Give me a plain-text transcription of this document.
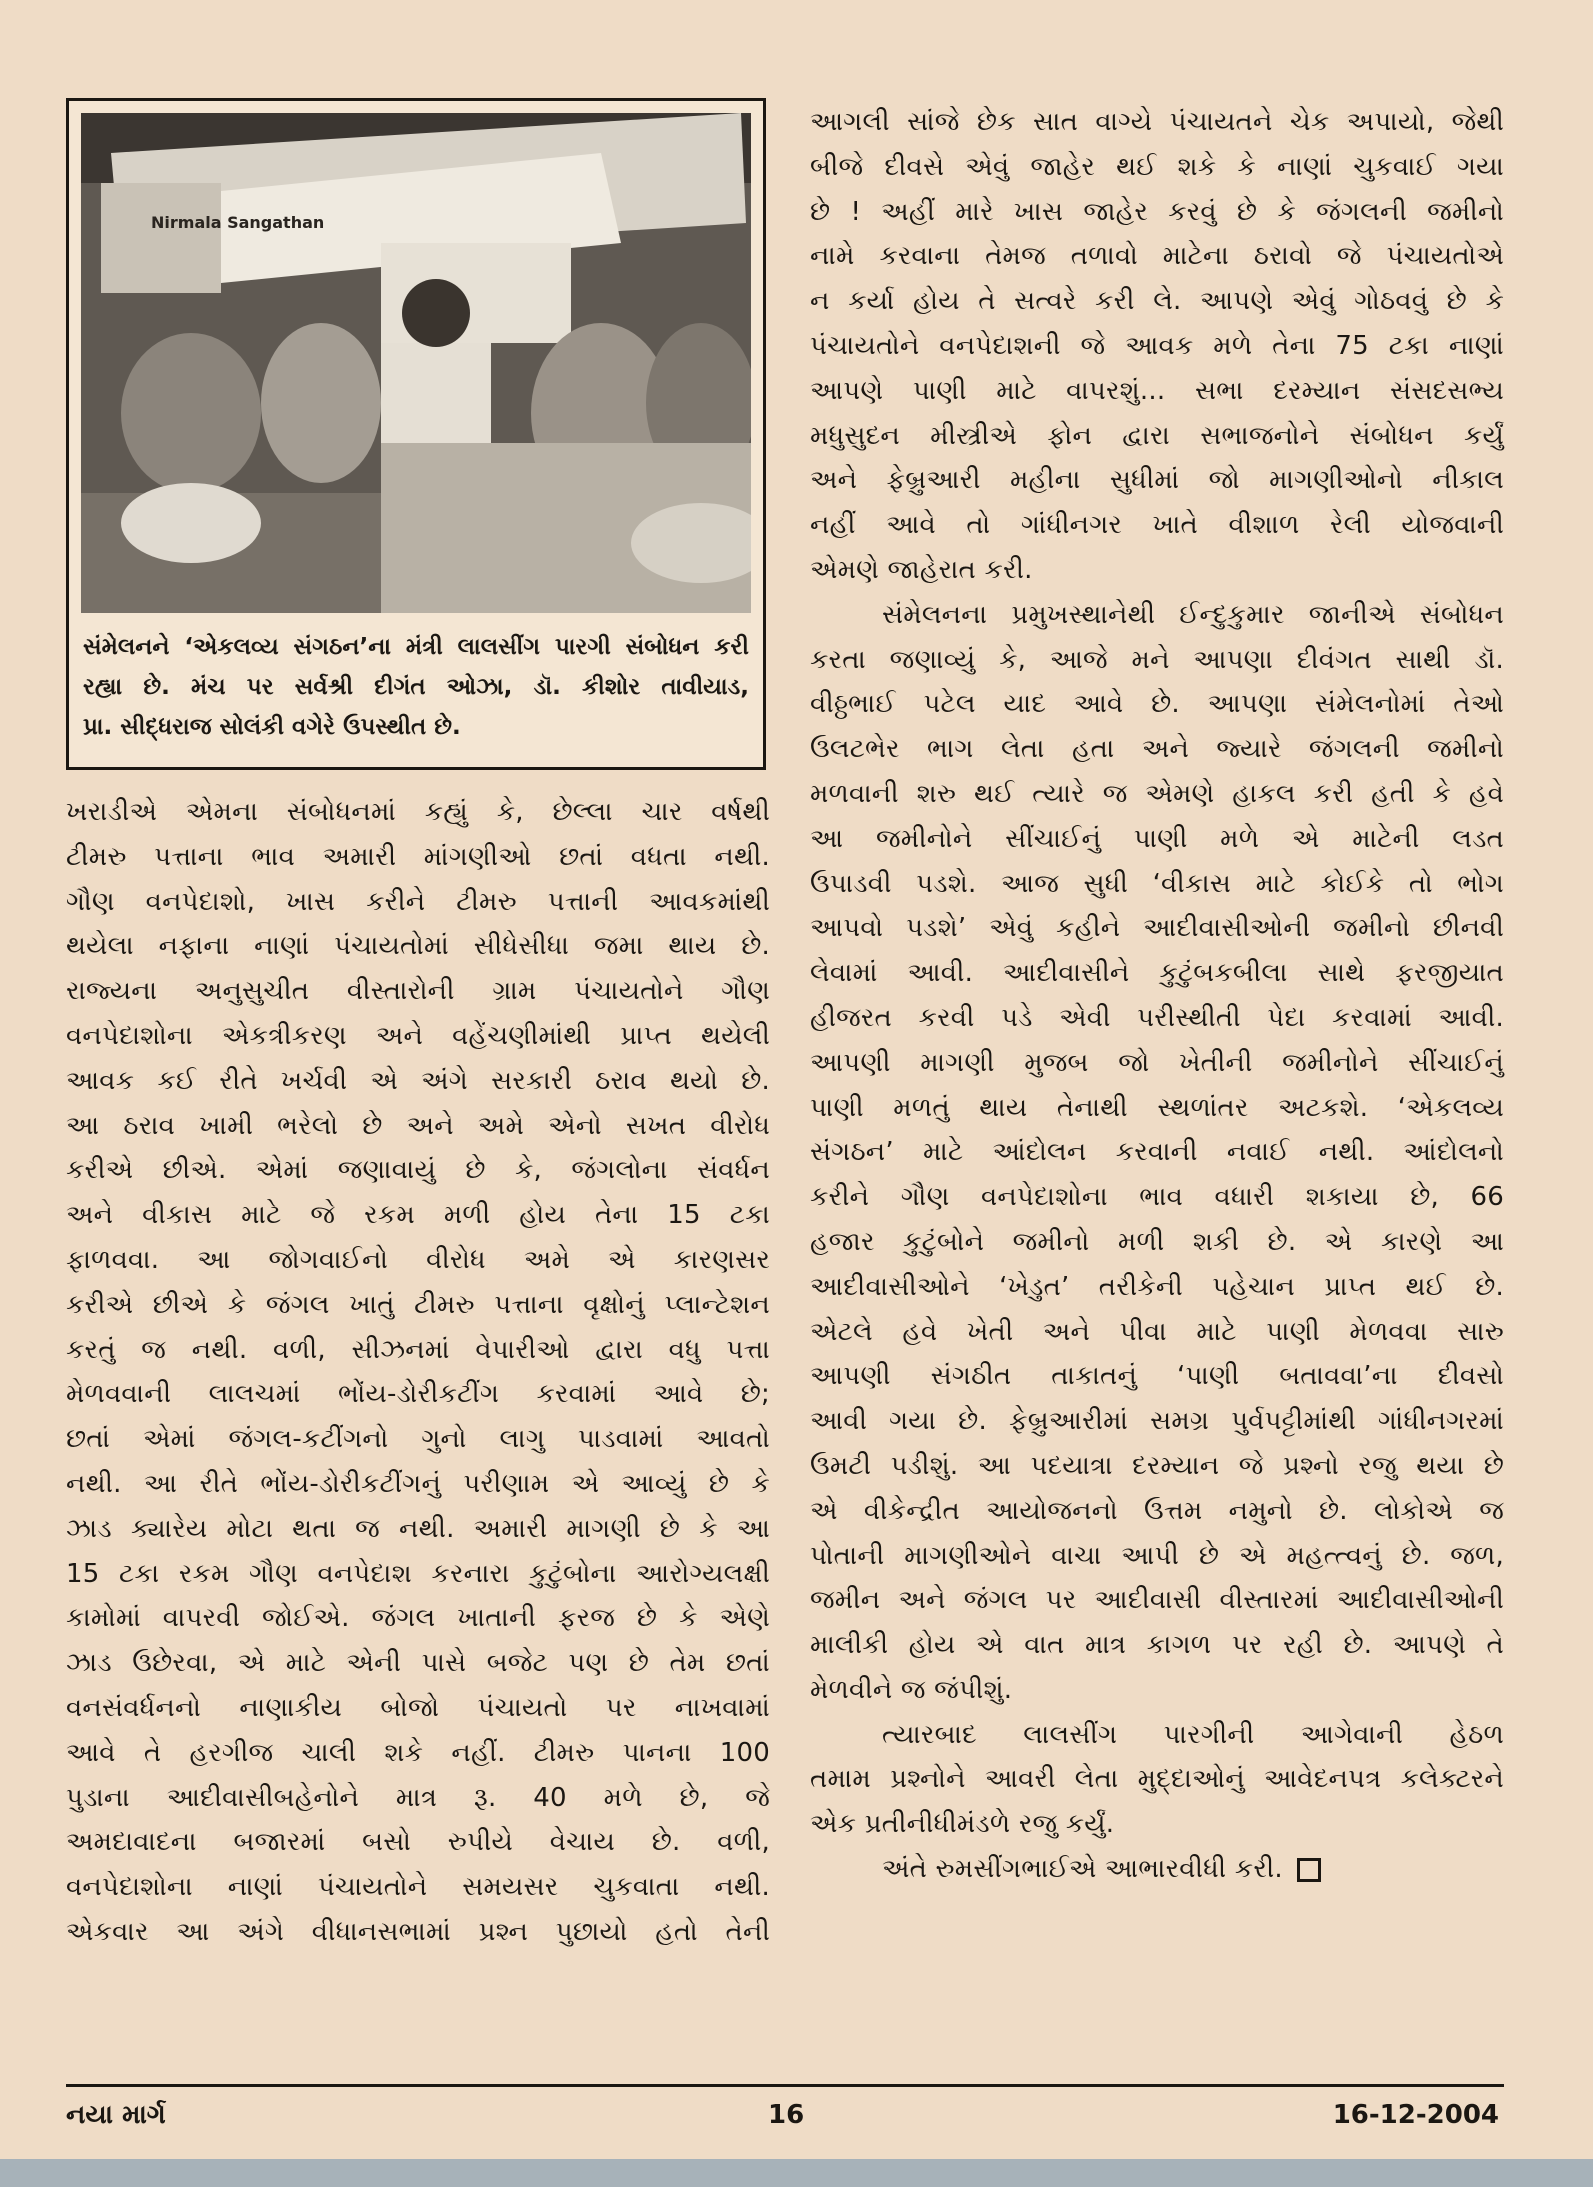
Nirmala Sangathan
સંમેલનને ‘એકલવ્ય સંગઠન’ના મંત્રી લાલસીંગ પારગી સંબોધન કરી
રહ્યા છે. મંચ પર સર્વશ્રી દીગંત ઓઝા, ડૉ. કીશોર તાવીયાડ,
પ્રા. સીદ્ધરાજ સોલંકી વગેરે ઉપસ્થીત છે.
ખરાડીએ એમના સંબોધનમાં કહ્યું કે, છેલ્લા ચાર વર્ષથી
ટીમરુ પત્તાના ભાવ અમારી માંગણીઓ છતાં વધતા નથી.
ગૌણ વનપેદાશો, ખાસ કરીને ટીમરુ પત્તાની આવકમાંથી
થયેલા નફાના નાણાં પંચાયતોમાં સીધેસીધા જમા થાય છે.
રાજ્યના અનુસુચીત વીસ્તારોની ગ્રામ પંચાયતોને ગૌણ
વનપેદાશોના એકત્રીકરણ અને વહેંચણીમાંથી પ્રાપ્ત થયેલી
આવક કઈ રીતે ખર્ચવી એ અંગે સરકારી ઠરાવ થયો છે.
આ ઠરાવ ખામી ભરેલો છે અને અમે એનો સખત વીરોધ
કરીએ છીએ. એમાં જણાવાયું છે કે, જંગલોના સંવર્ધન
અને વીકાસ માટે જે રકમ મળી હોય તેના 15 ટકા
ફાળવવા. આ જોગવાઈનો વીરોધ અમે એ કારણસર
કરીએ છીએ કે જંગલ ખાતું ટીમરુ પત્તાના વૃક્ષોનું પ્લાન્ટેશન
કરતું જ નથી. વળી, સીઝનમાં વેપારીઓ દ્વારા વધુ પત્તા
મેળવવાની લાલચમાં ભોંય-ડોરીકટીંગ કરવામાં આવે છે;
છતાં એમાં જંગલ-કટીંગનો ગુનો લાગુ પાડવામાં આવતો
નથી. આ રીતે ભોંય-ડોરીકટીંગનું પરીણામ એ આવ્યું છે કે
ઝાડ ક્યારેય મોટા થતા જ નથી. અમારી માગણી છે કે આ
15 ટકા રકમ ગૌણ વનપેદાશ કરનારા કુટુંબોના આરોગ્યલક્ષી
કામોમાં વાપરવી જોઈએ. જંગલ ખાતાની ફરજ છે કે એણે
ઝાડ ઉછેરવા, એ માટે એની પાસે બજેટ પણ છે તેમ છતાં
વનસંવર્ધનનો નાણાકીય બોજો પંચાયતો પર નાખવામાં
આવે તે હરગીજ ચાલી શકે નહીં. ટીમરુ પાનના 100
પુડાના આદીવાસીબહેનોને માત્ર રૂ. 40 મળે છે, જે
અમદાવાદના બજારમાં બસો રુપીયે વેચાય છે. વળી,
વનપેદાશોના નાણાં પંચાયતોને સમયસર ચુકવાતા નથી.
એકવાર આ અંગે વીધાનસભામાં પ્રશ્ન પુછાયો હતો તેની
આગલી સાંજે છેક સાત વાગ્યે પંચાયતને ચેક અપાયો, જેથી
બીજે દીવસે એવું જાહેર થઈ શકે કે નાણાં ચુકવાઈ ગયા
છે ! અહીં મારે ખાસ જાહેર કરવું છે કે જંગલની જમીનો
નામે કરવાના તેમજ તળાવો માટેના ઠરાવો જે પંચાયતોએ
ન કર્યા હોય તે સત્વરે કરી લે. આપણે એવું ગોઠવવું છે કે
પંચાયતોને વનપેદાશની જે આવક મળે તેના 75 ટકા નાણાં
આપણે પાણી માટે વાપરશું... સભા દરમ્યાન સંસદસભ્ય
મધુસુદન મીસ્ત્રીએ ફોન દ્વારા સભાજનોને સંબોધન કર્યું
અને ફેબ્રુઆરી મહીના સુધીમાં જો માગણીઓનો નીકાલ
નહીં આવે તો ગાંધીનગર ખાતે વીશાળ રેલી યોજવાની
એમણે જાહેરાત કરી.
સંમેલનના પ્રમુખસ્થાનેથી ઈન્દુકુમાર જાનીએ સંબોધન
કરતા જણાવ્યું કે, આજે મને આપણા દીવંગત સાથી ડૉ.
વીઠ્ઠભાઈ પટેલ યાદ આવે છે. આપણા સંમેલનોમાં તેઓ
ઉલટભેર ભાગ લેતા હતા અને જ્યારે જંગલની જમીનો
મળવાની શરુ થઈ ત્યારે જ એમણે હાકલ કરી હતી કે હવે
આ જમીનોને સીંચાઈનું પાણી મળે એ માટેની લડત
ઉપાડવી પડશે. આજ સુધી ‘વીકાસ માટે કોઈકે તો ભોગ
આપવો પડશે’ એવું કહીને આદીવાસીઓની જમીનો છીનવી
લેવામાં આવી. આદીવાસીને કુટુંબકબીલા સાથે ફરજીયાત
હીજરત કરવી પડે એવી પરીસ્થીતી પેદા કરવામાં આવી.
આપણી માગણી મુજબ જો ખેતીની જમીનોને સીંચાઈનું
પાણી મળતું થાય તેનાથી સ્થળાંતર અટકશે. ‘એકલવ્ય
સંગઠન’ માટે આંદોલન કરવાની નવાઈ નથી. આંદોલનો
કરીને ગૌણ વનપેદાશોના ભાવ વધારી શકાયા છે, 66
હજાર કુટુંબોને જમીનો મળી શકી છે. એ કારણે આ
આદીવાસીઓને ‘ખેડુત’ તરીકેની પહેચાન પ્રાપ્ત થઈ છે.
એટલે હવે ખેતી અને પીવા માટે પાણી મેળવવા સારુ
આપણી સંગઠીત તાકાતનું ‘પાણી બતાવવા’ના દીવસો
આવી ગયા છે. ફેબ્રુઆરીમાં સમગ્ર પુર્વપટ્ટીમાંથી ગાંધીનગરમાં
ઉમટી પડીશું. આ પદયાત્રા દરમ્યાન જે પ્રશ્નો રજુ થયા છે
એ વીકેન્દ્રીત આયોજનનો ઉત્તમ નમુનો છે. લોકોએ જ
પોતાની માગણીઓને વાચા આપી છે એ મહત્ત્વનું છે. જળ,
જમીન અને જંગલ પર આદીવાસી વીસ્તારમાં આદીવાસીઓની
માલીકી હોય એ વાત માત્ર કાગળ પર રહી છે. આપણે તે
મેળવીને જ જંપીશું.
ત્યારબાદ લાલસીંગ પારગીની આગેવાની હેઠળ
તમામ પ્રશ્નોને આવરી લેતા મુદ્દાઓનું આવેદનપત્ર કલેક્ટરને
એક પ્રતીનીધીમંડળે રજુ કર્યું.
અંતે રુમસીંગભાઈએ આભારવીધી કરી.
નયા માર્ગ	16	16-12-2004
